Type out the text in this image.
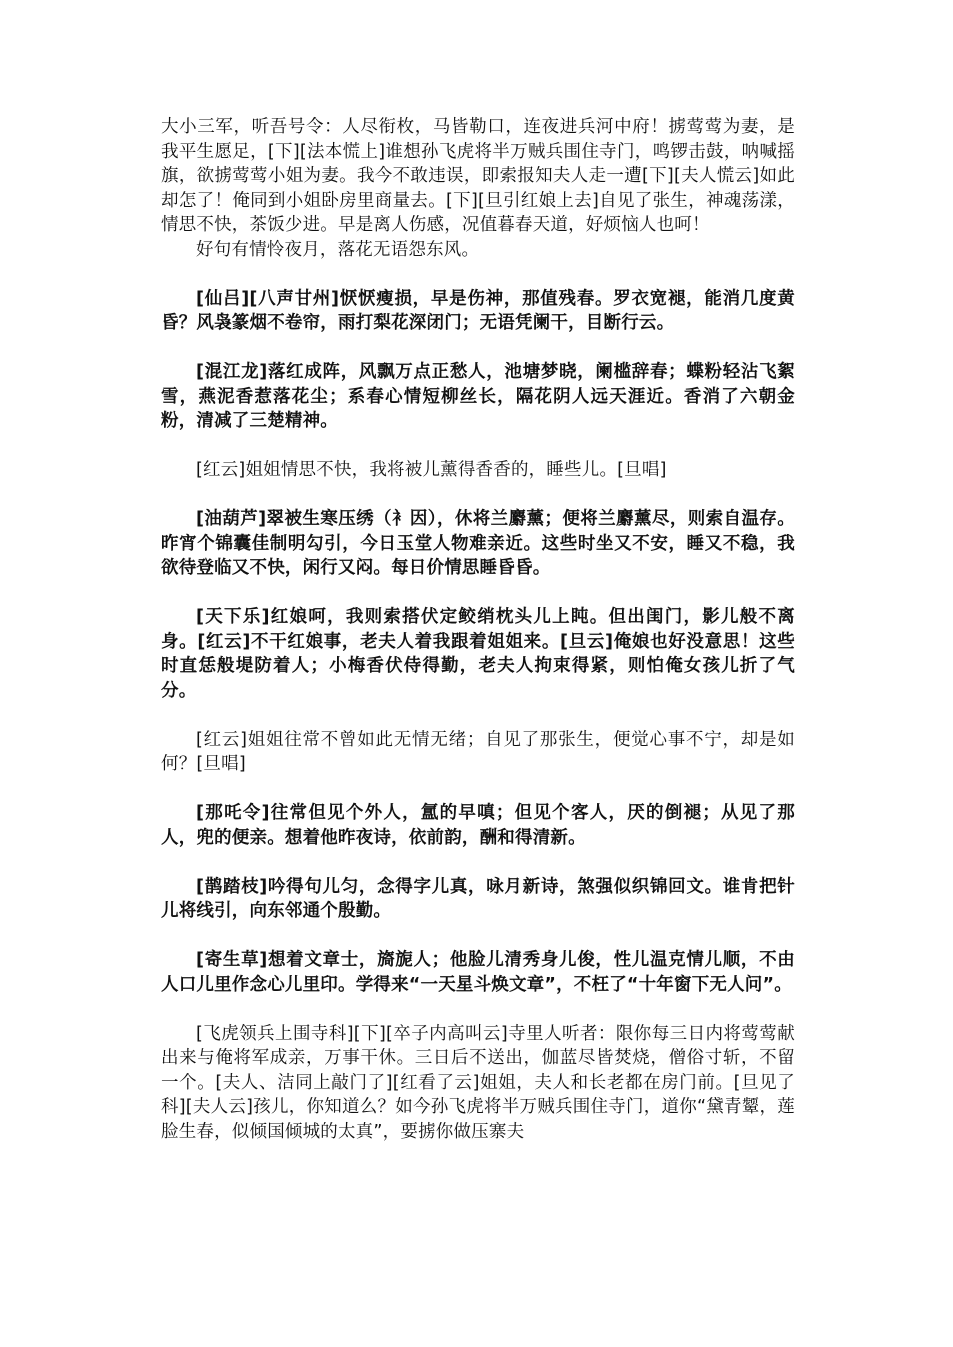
大小三军，听吾号令：人尽衔枚，马皆勒口，连夜进兵河中府！掳莺莺为妻，是我平生愿足，[下][法本慌上]谁想孙飞虎将半万贼兵围住寺门，鸣锣击鼓，呐喊摇旗，欲掳莺莺小姐为妻。我今不敢违误，即索报知夫人走一遭[下][夫人慌云]如此却怎了！俺同到小姐卧房里商量去。[下][旦引红娘上去]自见了张生，神魂荡漾，情思不快，茶饭少进。早是离人伤感，况值暮春天道，好烦恼人也呵！

好句有情怜夜月，落花无语怨东风。

[仙吕][八声甘州]恹恹瘦损，早是伤神，那值残春。罗衣宽褪，能消几度黄昏？风袅篆烟不卷帘，雨打梨花深闭门；无语凭阑干，目断行云。

[混江龙]落红成阵，风飘万点正愁人，池塘梦晓，阑槛辞春；蝶粉轻沾飞絮雪，燕泥香惹落花尘；系春心情短柳丝长，隔花阴人远天涯近。香消了六朝金粉，清减了三楚精神。

[红云]姐姐情思不快，我将被儿薰得香香的，睡些儿。[旦唱]

[油葫芦]翠被生寒压绣（衤因），休将兰麝薰；便将兰麝薰尽，则索自温存。昨宵个锦囊佳制明勾引，今日玉堂人物难亲近。这些时坐又不安，睡又不稳，我欲待登临又不快，闲行又闷。每日价情思睡昏昏。

[天下乐]红娘呵，我则索搭伏定鲛绡枕头儿上盹。但出闺门，影儿般不离身。[红云]不干红娘事，老夫人着我跟着姐姐来。[旦云]俺娘也好没意思！这些时直恁般堤防着人；小梅香伏侍得勤，老夫人拘束得紧，则怕俺女孩儿折了气分。

[红云]姐姐往常不曾如此无情无绪；自见了那张生，便觉心事不宁，却是如何？[旦唱]

[那吒令]往常但见个外人，氲的早嗔；但见个客人，厌的倒褪；从见了那人，兜的便亲。想着他昨夜诗，依前韵，酬和得清新。

[鹊踏枝]吟得句儿匀，念得字儿真，咏月新诗，煞强似织锦回文。谁肯把针儿将线引，向东邻通个殷勤。

[寄生草]想着文章士，旖旎人；他脸儿清秀身儿俊，性儿温克情儿顺，不由人口儿里作念心儿里印。学得来“一天星斗焕文章”，不枉了“十年窗下无人问”。

[飞虎领兵上围寺科][下][卒子内高叫云]寺里人听者：限你每三日内将莺莺献出来与俺将军成亲，万事干休。三日后不送出，伽蓝尽皆焚烧，僧俗寸斩，不留一个。[夫人、洁同上敲门了][红看了云]姐姐，夫人和长老都在房门前。[旦见了科][夫人云]孩儿，你知道么？如今孙飞虎将半万贼兵围住寺门，道你“黛青颦，莲脸生春，似倾国倾城的太真”，要掳你做压寨夫
